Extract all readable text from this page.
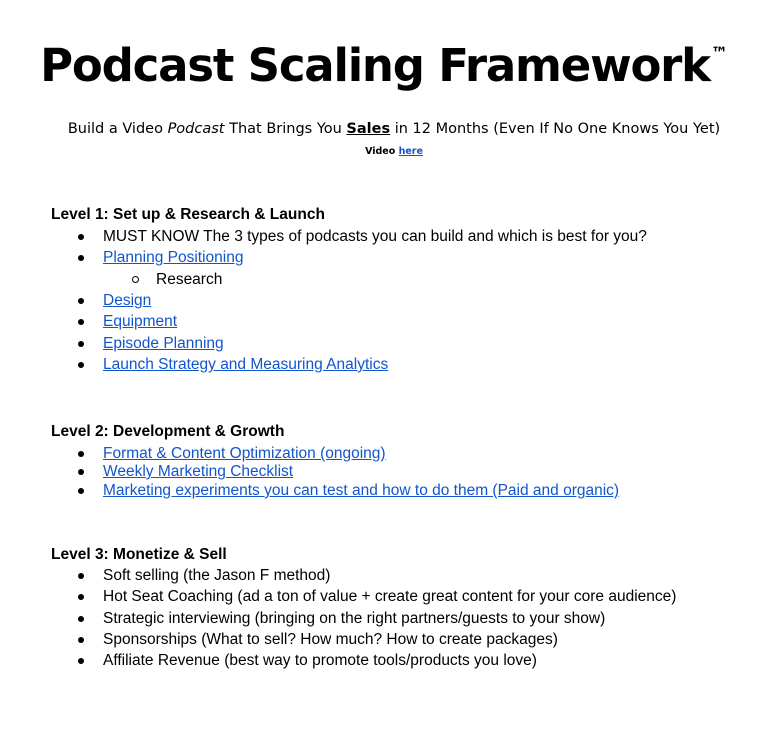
Podcast Scaling Framework™
Build a Video Podcast That Brings You Sales in 12 Months (Even If No One Knows You Yet)
Video here
Level 1: Set up & Research & Launch
MUST KNOW The 3 types of podcasts you can build and which is best for you?
Planning Positioning
Research
Design
Equipment
Episode Planning
Launch Strategy and Measuring Analytics
Level 2: Development & Growth
Format & Content Optimization (ongoing)
Weekly Marketing Checklist
Marketing experiments you can test and how to do them (Paid and organic)
Level 3: Monetize & Sell
Soft selling (the Jason F method)
Hot Seat Coaching (ad a ton of value + create great content for your core audience)
Strategic interviewing (bringing on the right partners/guests to your show)
Sponsorships (What to sell? How much? How to create packages)
Affiliate Revenue (best way to promote tools/products you love)
